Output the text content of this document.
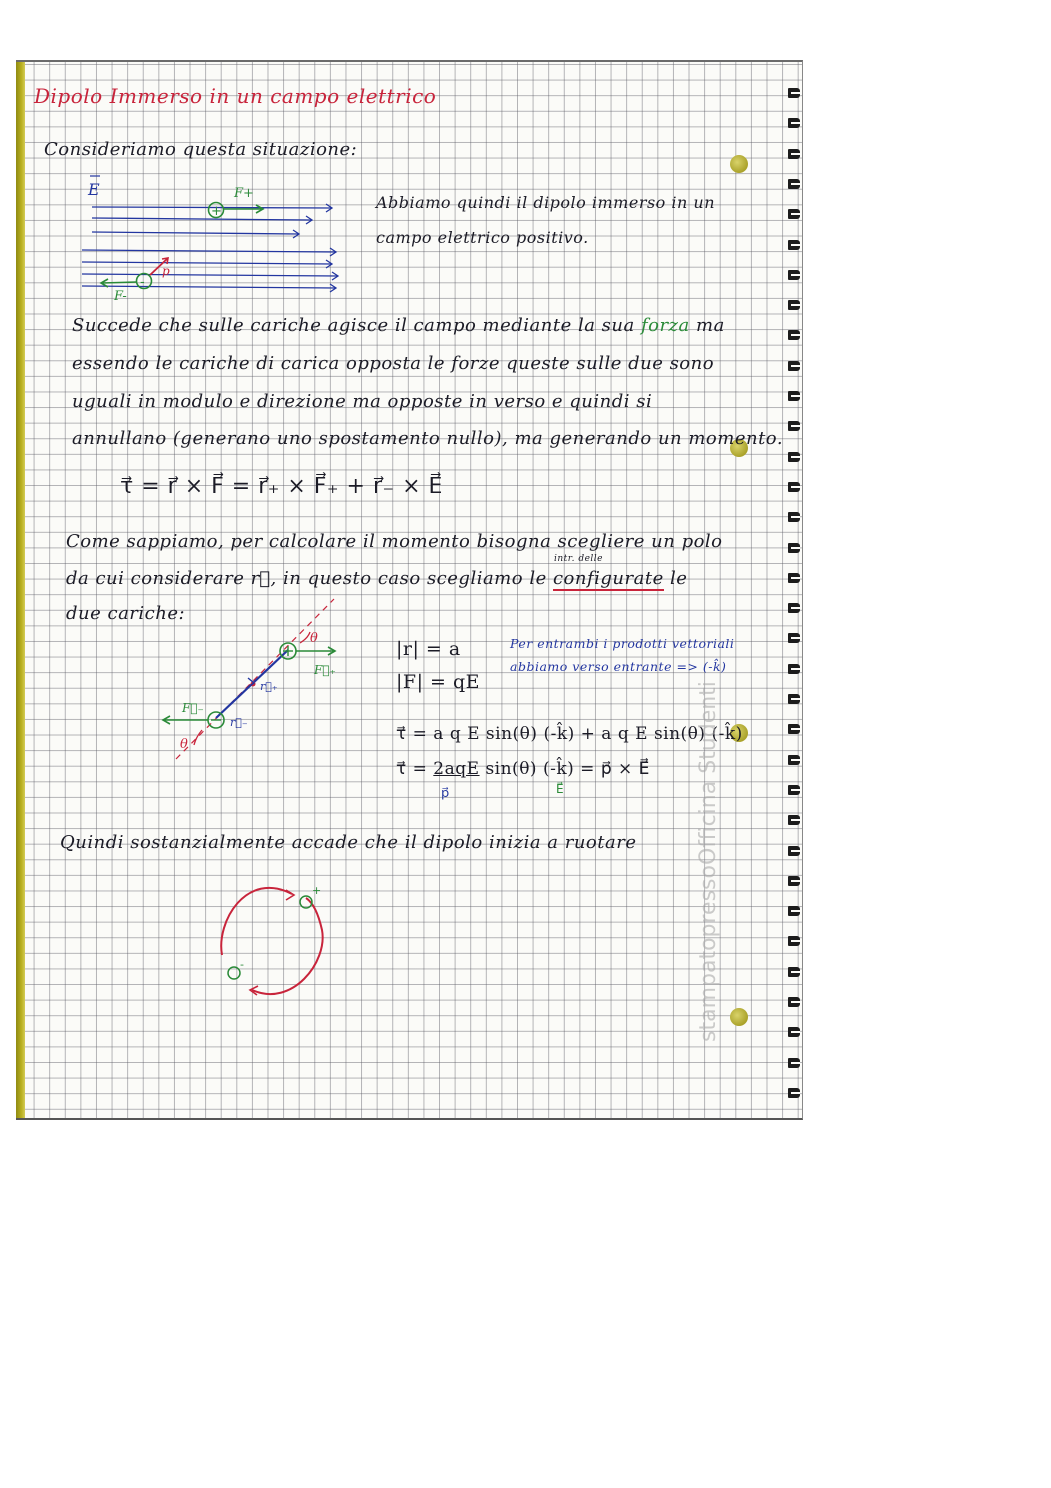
Dipolo Immerso in un campo elettrico
Consideriamo questa situazione:
Abbiamo quindi il dipolo immerso in un
campo elettrico positivo.
Succede che sulle cariche agisce il campo mediante la sua forza ma
essendo le cariche di carica opposta le forze queste sulle due sono
uguali in modulo e direzione ma opposte in verso e quindi si
annullano (generano uno spostamento nullo), ma generando un momento.
τ⃗ = r⃗ × F⃗ = r⃗₊ × F⃗₊ + r⃗₋ × E⃗
Come sappiamo, per calcolare il momento bisogna scegliere un polo
da cui considerare r⃗, in questo caso scegliamo le configurate le
intr. delle
due cariche:
|r| = a
|F| = qE
Per entrambi i prodotti vettoriali
abbiamo verso entrante => (-k̂)
τ⃗ = a q E sin(θ) (-k̂) + a q E sin(θ) (-k̂)
τ⃗ = 2aqE sin(θ) (-k̂) = p⃗ × E⃗
p⃗	E⃗
Quindi sostanzialmente accade che il dipolo inizia a ruotare	stampatopressoOfficina Studenti
E
+
F+
-
F-
p
θ
F⃗₊
r⃗₊
F⃗₋
r⃗₋
θ
+
-
